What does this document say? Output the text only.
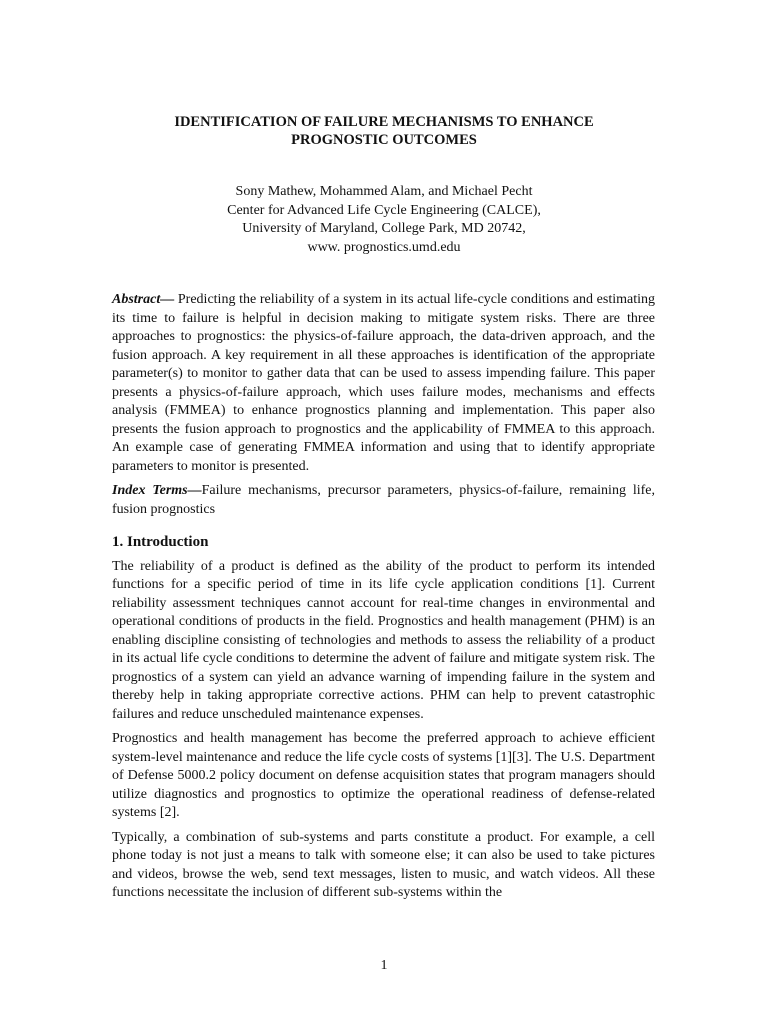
IDENTIFICATION OF FAILURE MECHANISMS TO ENHANCE
PROGNOSTIC OUTCOMES
Sony Mathew, Mohammed Alam, and Michael Pecht
Center for Advanced Life Cycle Engineering (CALCE),
University of Maryland, College Park, MD 20742,
www. prognostics.umd.edu

Abstract— Predicting the reliability of a system in its actual life-cycle conditions and estimating its time to failure is helpful in decision making to mitigate system risks. There are three approaches to prognostics: the physics-of-failure approach, the data-driven approach, and the fusion approach. A key requirement in all these approaches is identification of the appropriate parameter(s) to monitor to gather data that can be used to assess impending failure. This paper presents a physics-of-failure approach, which uses failure modes, mechanisms and effects analysis (FMMEA) to enhance prognostics planning and implementation. This paper also presents the fusion approach to prognostics and the applicability of FMMEA to this approach. An example case of generating FMMEA information and using that to identify appropriate parameters to monitor is presented.

Index Terms—Failure mechanisms, precursor parameters, physics-of-failure, remaining life, fusion prognostics

1. Introduction

The reliability of a product is defined as the ability of the product to perform its intended functions for a specific period of time in its life cycle application conditions [1]. Current reliability assessment techniques cannot account for real-time changes in environmental and operational conditions of products in the field. Prognostics and health management (PHM) is an enabling discipline consisting of technologies and methods to assess the reliability of a product in its actual life cycle conditions to determine the advent of failure and mitigate system risk. The prognostics of a system can yield an advance warning of impending failure in the system and thereby help in taking appropriate corrective actions. PHM can help to prevent catastrophic failures and reduce unscheduled maintenance expenses.

Prognostics and health management has become the preferred approach to achieve efficient system-level maintenance and reduce the life cycle costs of systems [1][3]. The U.S. Department of Defense 5000.2 policy document on defense acquisition states that program managers should utilize diagnostics and prognostics to optimize the operational readiness of defense-related systems [2].

Typically, a combination of sub-systems and parts constitute a product. For example, a cell phone today is not just a means to talk with someone else; it can also be used to take pictures and videos, browse the web, send text messages, listen to music, and watch videos. All these functions necessitate the inclusion of different sub-systems within the

1
